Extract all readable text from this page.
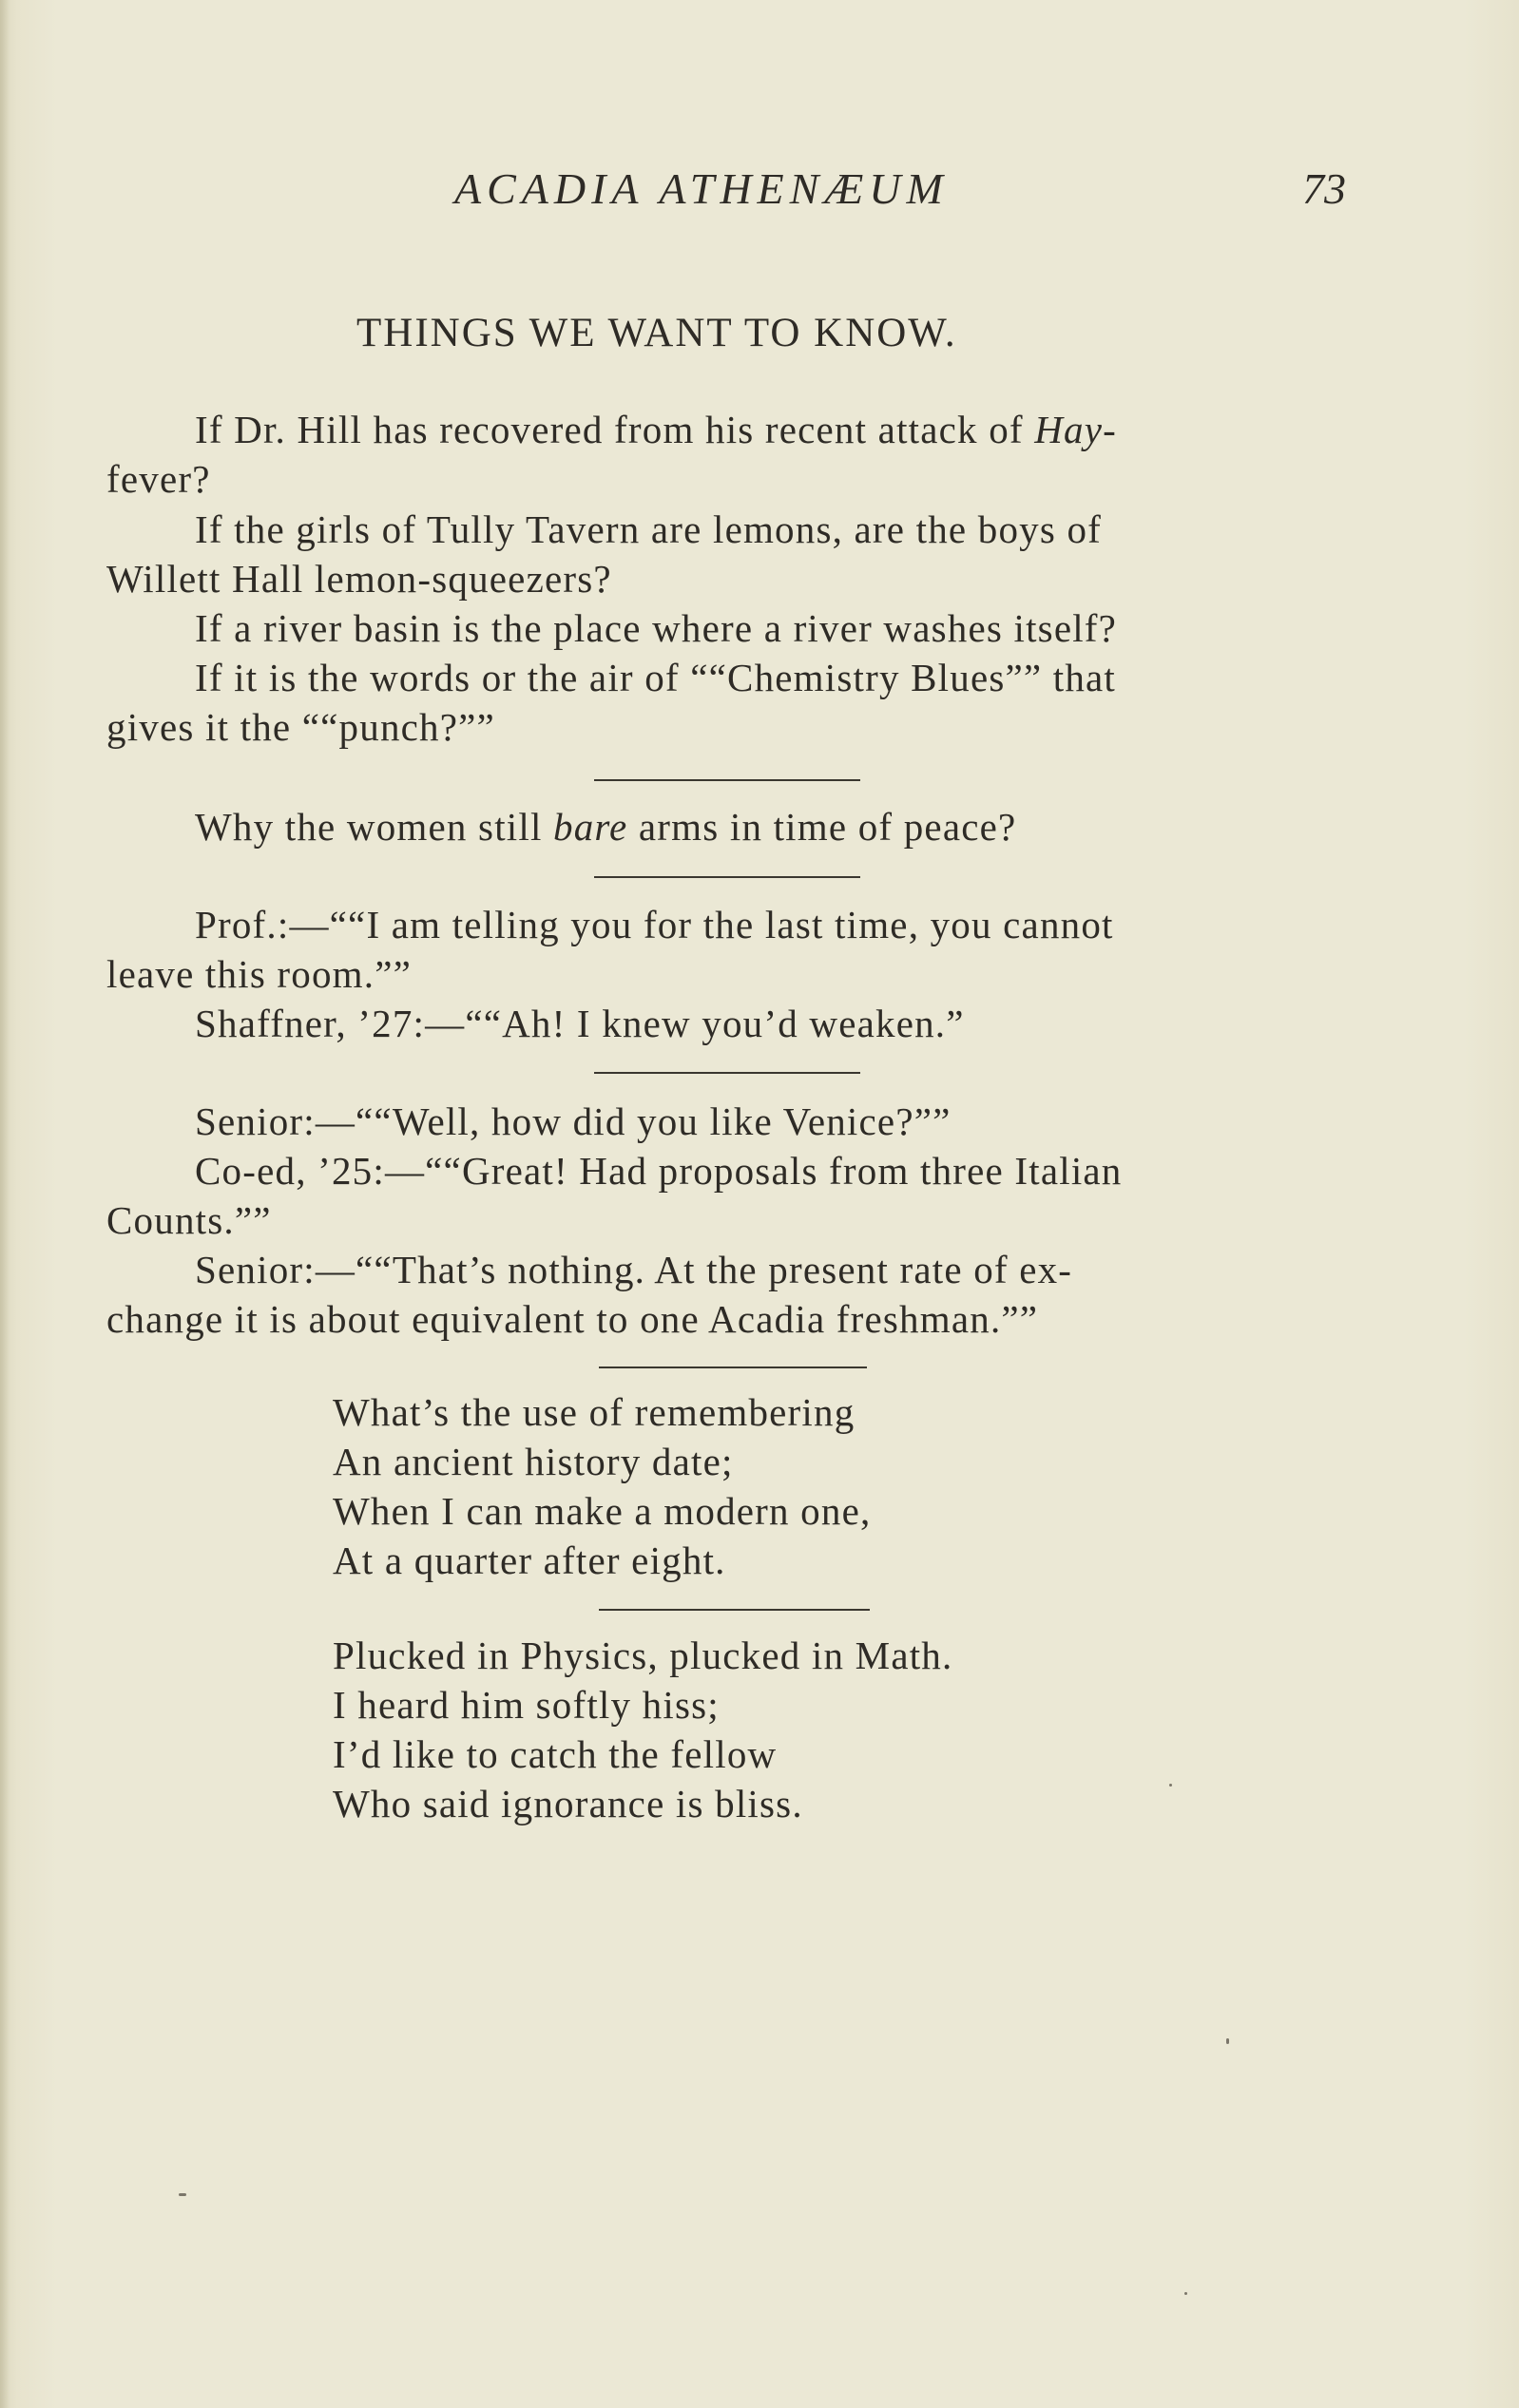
ACADIA ATHENÆUM	73
THINGS WE WANT TO KNOW.
If Dr. Hill has recovered from his recent attack of Hay-
fever?
If the girls of Tully Tavern are lemons, are the boys of
Willett Hall lemon-squeezers?
If a river basin is the place where a river washes itself?
If it is the words or the air of ““Chemistry Blues”” that
gives it the ““punch?””
Why the women still bare arms in time of peace?
Prof.:—““I am telling you for the last time, you cannot
leave this room.””
Shaffner, ’27:—““Ah! I knew you’d weaken.”
Senior:—““Well, how did you like Venice?””
Co-ed, ’25:—““Great! Had proposals from three Italian
Counts.””
Senior:—““That’s nothing. At the present rate of ex-
change it is about equivalent to one Acadia freshman.””
What’s the use of remembering
An ancient history date;
When I can make a modern one,
At a quarter after eight.
Plucked in Physics, plucked in Math.
I heard him softly hiss;
I’d like to catch the fellow
Who said ignorance is bliss.
